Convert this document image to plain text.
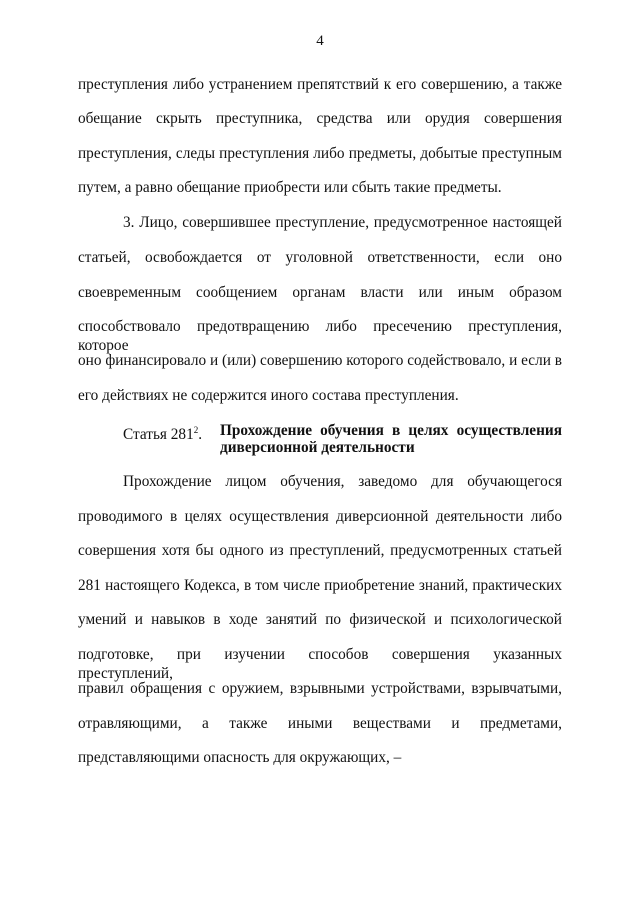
4
преступления либо устранением препятствий к его совершению, а также
обещание скрыть преступника, средства или орудия совершения
преступления, следы преступления либо предметы, добытые преступным
путем, а равно обещание приобрести или сбыть такие предметы.
3. Лицо, совершившее преступление, предусмотренное настоящей
статьей, освобождается от уголовной ответственности, если оно
своевременным сообщением органам власти или иным образом
способствовало предотвращению либо пресечению преступления, которое
оно финансировало и (или) совершению которого содействовало, и если в
его действиях не содержится иного состава преступления.
Статья $281^2$. Прохождение обучения в целях осуществления
диверсионной деятельности
Прохождение лицом обучения, заведомо для обучающегося
проводимого в целях осуществления диверсионной деятельности либо
совершения хотя бы одного из преступлений, предусмотренных статьей
281 настоящего Кодекса, в том числе приобретение знаний, практических
умений и навыков в ходе занятий по физической и психологической
подготовке, при изучении способов совершения указанных преступлений,
правил обращения с оружием, взрывными устройствами, взрывчатыми,
отравляющими, а также иными веществами и предметами,
представляющими опасность для окружающих, –
